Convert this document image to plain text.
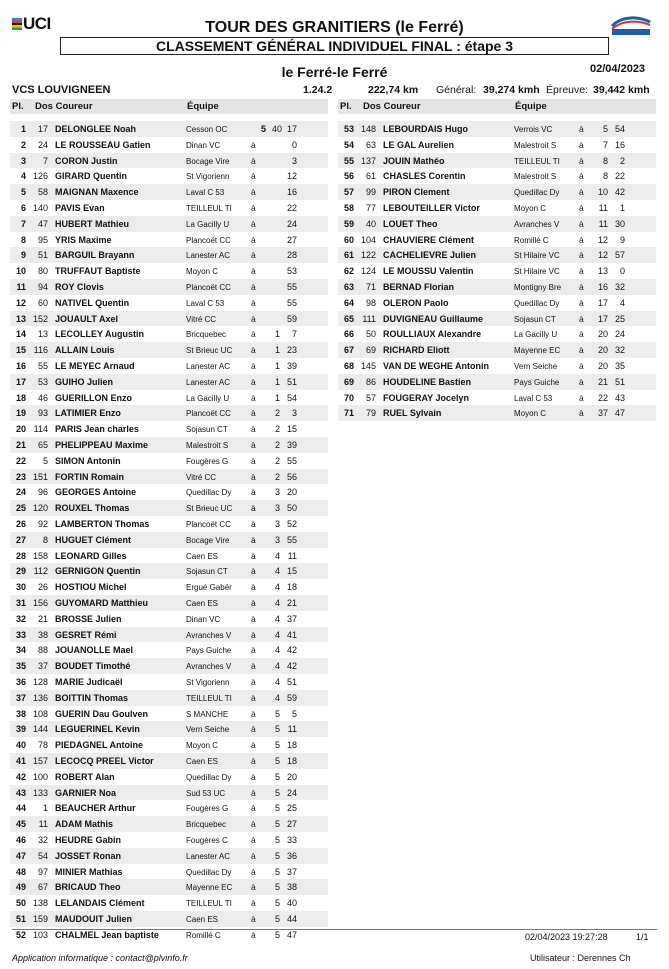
UCI	TOUR DES GRANITIERS (le Ferré)
CLASSEMENT GÉNÉRAL INDIVIDUEL FINAL : étape 3
le Ferré-le Ferré	02/04/2023
VCS LOUVIGNEEN	1.24.2	222,74 km Général: 39,274 kmh Épreuve: 39,442 kmh
Pl. Dos Coureur	Équipe	Pl. Dos Coureur	Équipe
1	17 DELONGLEE Noah	Cesson OC	5 40 17
2	24 LE ROUSSEAU Gatien	Dinan VC	à	0
3	7 CORON Justin	Bocage Vire	à	3
4 126 GIRARD Quentin	St Vigorienn	à	12
5	58 MAIGNAN Maxence	Laval C 53	à	16
6 140 PAVIS Evan	TEILLEUL TI à	22
7	47 HUBERT Mathieu	La Gacilly U	à	24
8	95 YRIS Maxime	Plancoët CC à	27
9	51 BARGUIL Brayann	Lanester AC à	28
10	80 TRUFFAUT Baptiste	Moyon C	à	53
11	94 ROY Clovis	Plancoët CC à	55
12	60 NATIVEL Quentin	Laval C 53	à	55
13 152 JOUAULT Axel	Vitré CC	à	59
14	13 LECOLLEY Augustin	Bricquebec	à	1	7
15 116 ALLAIN Louis	St Brieuc UC à	1 23
16	55 LE MEYEC Arnaud	Lanester AC à	1 39
17	53 GUIHO Julien	Lanester AC à	1 51
18	46 GUERILLON Enzo	La Gacilly U	à	1 54
19	93 LATIMIER Enzo	Plancoët CC à	2	3
20 114 PARIS Jean charles	Sojasun CT	à	2 15
21	65 PHELIPPEAU Maxime	Malestroit S	à	2 39
22	5 SIMON Antonin	Fougères G	à	2 55
23 151 FORTIN Romain	Vitré CC	à	2 56
24	96 GEORGES Antoine	Quedillac Dy à	3 20
25 120 ROUXEL Thomas	St Brieuc UC à	3 50
26	92 LAMBERTON Thomas	Plancoët CC à	3 52
27	8 HUGUET Clément	Bocage Vire	à	3 55
28 158 LEONARD Gilles	Caen ES	à	4 11
29 112 GERNIGON Quentin	Sojasun CT	à	4 15
30	26 HOSTIOU Michel	Ergué Gabér à	4 18
31 156 GUYOMARD Matthieu	Caen ES	à	4 21
32	21 BROSSE Julien	Dinan VC	à	4 37
33	38 GESRET Rémi	Avranches V à	4 41
34	88 JOUANOLLE Mael	Pays Guiche à	4 42
35	37 BOUDET Timothé	Avranches V à	4 42
36 128 MARIE Judicaël	St Vigorienn	à	4 51
37 136 BOITTIN Thomas	TEILLEUL TI à	4 59
38 108 GUERIN Dau Goulven	S MANCHE	à	5	5
39 144 LEGUERINEL Kevin	Vern Seiche	à	5 11
40	78 PIEDAGNEL Antoine	Moyon C	à	5 18
41 157 LECOCQ PREEL Victor	Caen ES	à	5 18
42 100 ROBERT Alan	Quedillac Dy à	5 20
43 133 GARNIER Noa	Sud 53 UC	à	5 24
44	1 BEAUCHER Arthur	Fougères G	à	5 25
45	11 ADAM Mathis	Bricquebec	à	5 27
46	32 HEUDRE Gabin	Fougères C	à	5 33
47	54 JOSSET Ronan	Lanester AC à	5 36
48	97 MINIER Mathias	Quedillac Dy à	5 37
49	67 BRICAUD Theo	Mayenne EC à	5 38
50 138 LELANDAIS Clément	TEILLEUL TI à	5 40
51 159 MAUDOUIT Julien	Caen ES	à	5 44
52 103 CHALMEL Jean baptiste	Romillé C	à	5 47
53 148 LEBOURDAIS Hugo	Verrois VC	à	5 54
54	63 LE GAL Aurelien	Malestroit S	à	7 16
55 137 JOUIN Mathéo	TEILLEUL TI à	8	2
56	61 CHASLES Corentin	Malestroit S	à	8 22
57	99 PIRON Clement	Quedillac Dy à	10 42
58	77 LEBOUTEILLER Victor	Moyon C	à	11	1
59	40 LOUET Theo	Avranches V à	11 30
60 104 CHAUVIERE Clément	Romillé C	à	12	9
61 122 CACHELIEVRE Julien	St Hilaire VC à	12 57
62 124 LE MOUSSU Valentin	St Hilaire VC à	13	0
63	71 BERNAD Florian	Montigny Bre à	16 32
64	98 OLERON Paolo	Quedillac Dy à	17	4
65 111 DUVIGNEAU Guillaume	Sojasun CT	à	17 25
66	50 ROULLIAUX Alexandre	La Gacilly U	à	20 24
67	69 RICHARD Eliott	Mayenne EC à	20 32
68 145 VAN DE WEGHE Antonin	Vern Seiche	à	20 35
69	86 HOUDELINE Bastien	Pays Guiche à	21 51
70	57 FOUGERAY Jocelyn	Laval C 53	à	22 43
71	79 RUEL Sylvain	Moyon C	à	37 47
02/04/2023 19:27:28	1/1
Application informatique : contact@plvinfo.fr	Utilisateur : Derennes Ch
